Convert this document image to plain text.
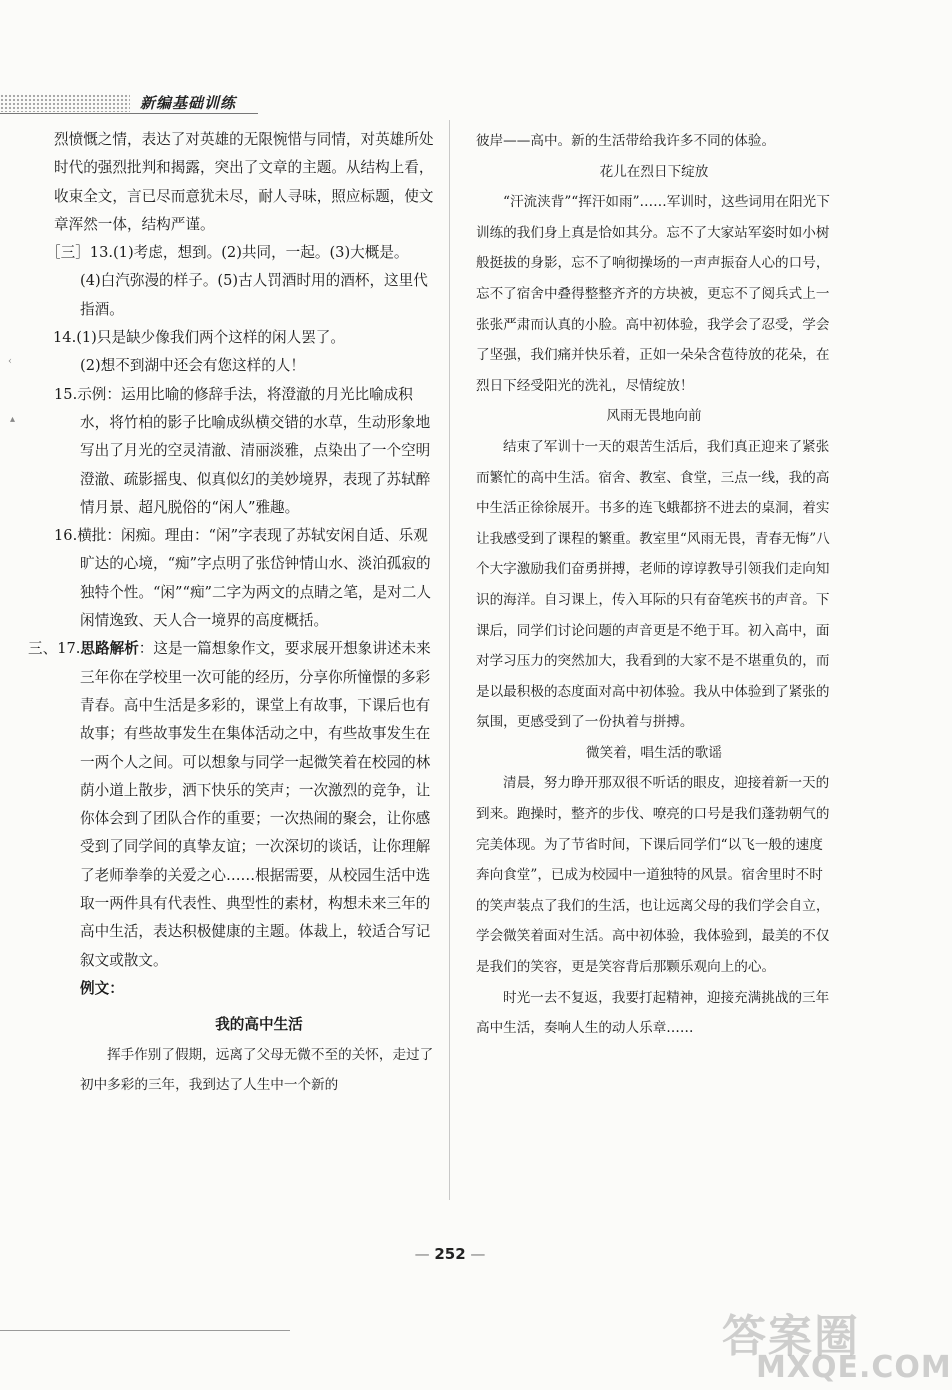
新编基础训练
‹
▴

烈愤慨之情，表达了对英雄的无限惋惜与同情，对英雄所处时代的强烈批判和揭露，突出了文章的主题。从结构上看，收束全文，言已尽而意犹未尽，耐人寻味，照应标题，使文章浑然一体，结构严谨。

［三］13.(1)考虑，想到。(2)共同，一起。(3)大概是。

(4)白汽弥漫的样子。(5)古人罚酒时用的酒杯，这里代指酒。

14.(1)只是缺少像我们两个这样的闲人罢了。

(2)想不到湖中还会有您这样的人！

15.示例：运用比喻的修辞手法，将澄澈的月光比喻成积水，将竹柏的影子比喻成纵横交错的水草，生动形象地写出了月光的空灵清澈、清丽淡雅，点染出了一个空明澄澈、疏影摇曳、似真似幻的美妙境界，表现了苏轼醉情月景、超凡脱俗的“闲人”雅趣。

16.横批：闲痴。理由：“闲”字表现了苏轼安闲自适、乐观旷达的心境，“痴”字点明了张岱钟情山水、淡泊孤寂的独特个性。“闲”“痴”二字为两文的点睛之笔，是对二人闲情逸致、天人合一境界的高度概括。

三、17.思路解析：这是一篇想象作文，要求展开想象讲述未来三年你在学校里一次可能的经历，分享你所憧憬的多彩青春。高中生活是多彩的，课堂上有故事，下课后也有故事；有些故事发生在集体活动之中，有些故事发生在一两个人之间。可以想象与同学一起微笑着在校园的林荫小道上散步，洒下快乐的笑声；一次激烈的竞争，让你体会到了团队合作的重要；一次热闹的聚会，让你感受到了同学间的真挚友谊；一次深切的谈话，让你理解了老师拳拳的关爱之心……根据需要，从校园生活中选取一两件具有代表性、典型性的素材，构想未来三年的高中生活，表达积极健康的主题。体裁上，较适合写记叙文或散文。

例文：

我的高中生活

挥手作别了假期，远离了父母无微不至的关怀，走过了初中多彩的三年，我到达了人生中一个新的

彼岸——高中。新的生活带给我许多不同的体验。

花儿在烈日下绽放

“汗流浃背”“挥汗如雨”……军训时，这些词用在阳光下训练的我们身上真是恰如其分。忘不了大家站军姿时如小树般挺拔的身影，忘不了响彻操场的一声声振奋人心的口号，忘不了宿舍中叠得整整齐齐的方块被，更忘不了阅兵式上一张张严肃而认真的小脸。高中初体验，我学会了忍受，学会了坚强，我们痛并快乐着，正如一朵朵含苞待放的花朵，在烈日下经受阳光的洗礼，尽情绽放！

风雨无畏地向前

结束了军训十一天的艰苦生活后，我们真正迎来了紧张而繁忙的高中生活。宿舍、教室、食堂，三点一线，我的高中生活正徐徐展开。书多的连飞蛾都挤不进去的桌洞，着实让我感受到了课程的繁重。教室里“风雨无畏，青春无悔”八个大字激励我们奋勇拼搏，老师的谆谆教导引领我们走向知识的海洋。自习课上，传入耳际的只有奋笔疾书的声音。下课后，同学们讨论问题的声音更是不绝于耳。初入高中，面对学习压力的突然加大，我看到的大家不是不堪重负的，而是以最积极的态度面对高中初体验。我从中体验到了紧张的氛围，更感受到了一份执着与拼搏。

微笑着，唱生活的歌谣

清晨，努力睁开那双很不听话的眼皮，迎接着新一天的到来。跑操时，整齐的步伐、嘹亮的口号是我们蓬勃朝气的完美体现。为了节省时间，下课后同学们“以飞一般的速度奔向食堂”，已成为校园中一道独特的风景。宿舍里时不时的笑声装点了我们的生活，也让远离父母的我们学会自立，学会微笑着面对生活。高中初体验，我体验到，最美的不仅是我们的笑容，更是笑容背后那颗乐观向上的心。

时光一去不复返，我要打起精神，迎接充满挑战的三年高中生活，奏响人生的动人乐章……

— 252 —
答案圈
MXQE.COM
